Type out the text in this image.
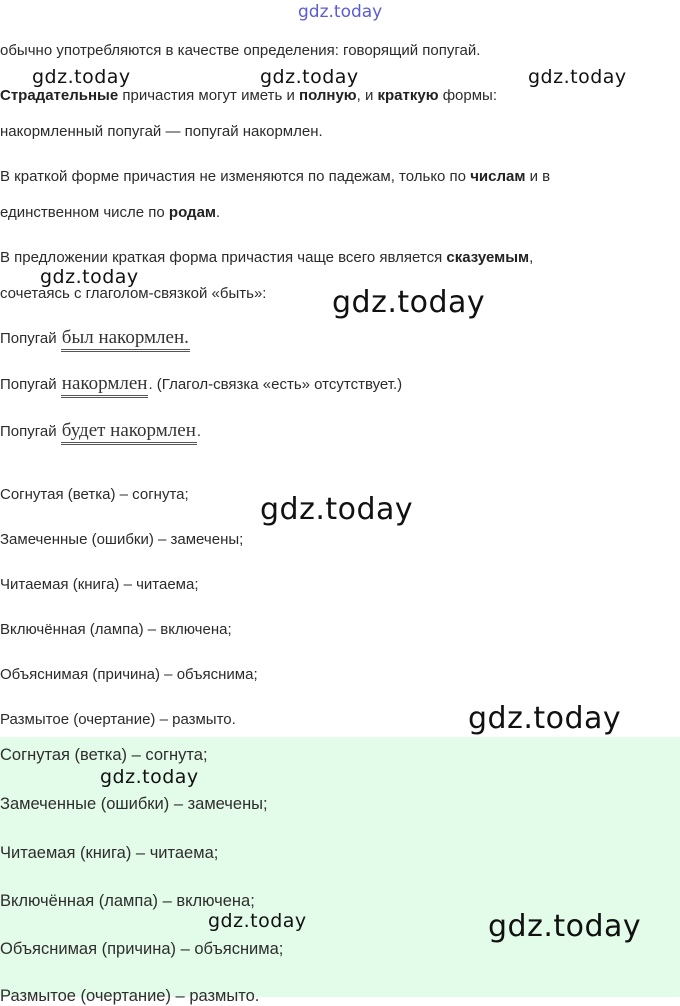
gdz.today
обычно употребляются в качестве определения: говорящий попугай.
Страдательные причастия могут иметь и полную, и краткую формы:
накормленный попугай — попугай накормлен.
В краткой форме причастия не изменяются по падежам, только по числам и в
единственном числе по родам.
В предложении краткая форма причастия чаще всего является сказуемым,
сочетаясь с глаголом-связкой «быть»:
Попугай был накормлен.
Попугай накормлен. (Глагол-связка «есть» отсутствует.)
Попугай будет накормлен.
Согнутая (ветка) – согнута;
Замеченные (ошибки) – замечены;
Читаемая (книга) – читаема;
Включённая (лампа) – включена;
Объяснимая (причина) – объяснима;
Размытое (очертание) – размыто.
Согнутая (ветка) – согнута;
Замеченные (ошибки) – замечены;
Читаемая (книга) – читаема;
Включённая (лампа) – включена;
Объяснимая (причина) – объяснима;
Размытое (очертание) – размыто.
gdz.today	gdz.today	gdz.today
gdz.today
gdz.today
gdz.today
gdz.today
gdz.today
gdz.today	gdz.today
